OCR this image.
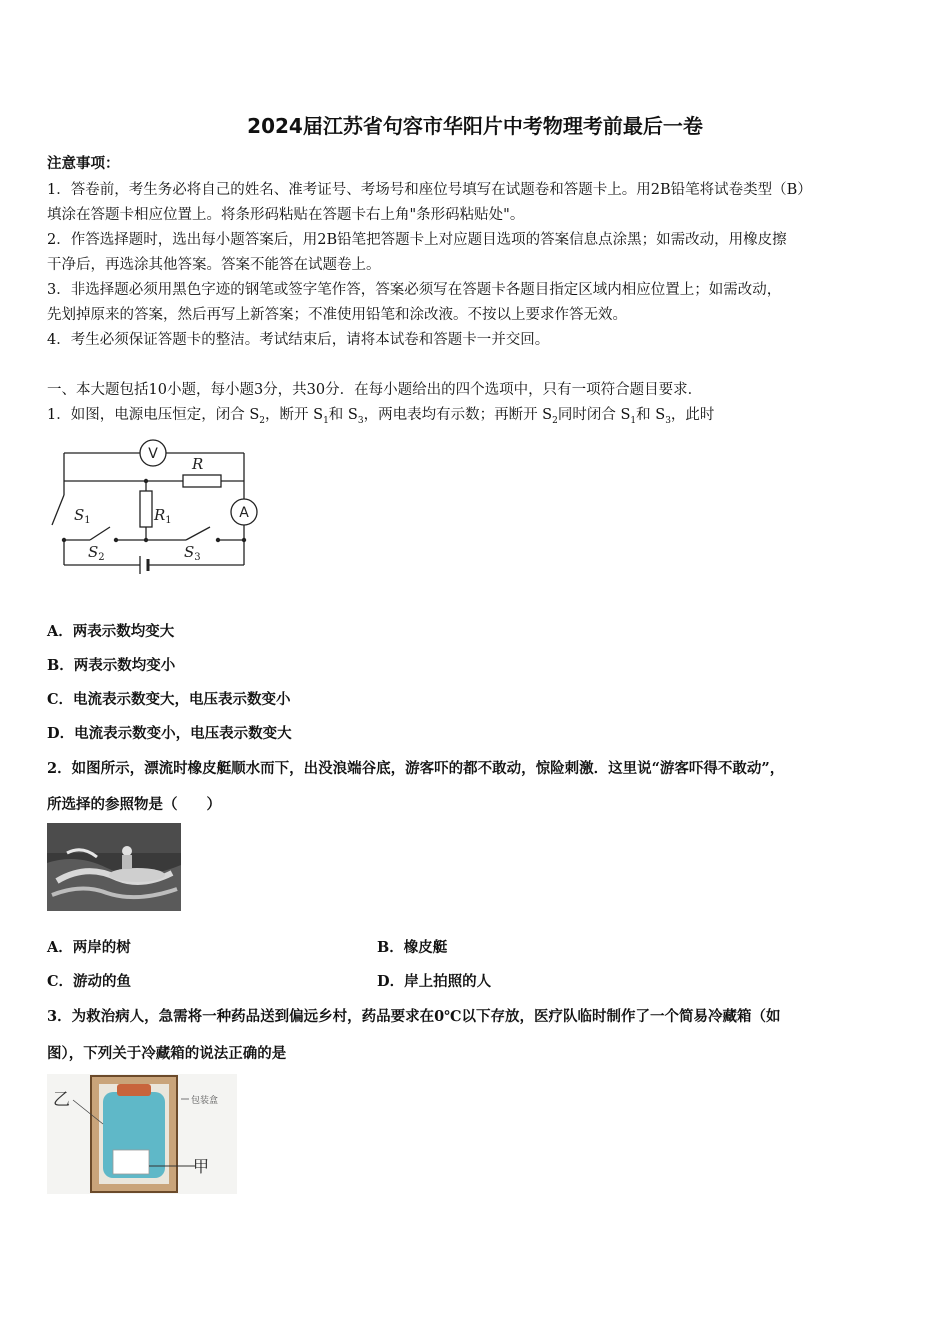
2024届江苏省句容市华阳片中考物理考前最后一卷
注意事项：
1．答卷前，考生务必将自己的姓名、准考证号、考场号和座位号填写在试题卷和答题卡上。用2B铅笔将试卷类型（B）
填涂在答题卡相应位置上。将条形码粘贴在答题卡右上角"条形码粘贴处"。
2．作答选择题时，选出每小题答案后，用2B铅笔把答题卡上对应题目选项的答案信息点涂黑；如需改动，用橡皮擦
干净后，再选涂其他答案。答案不能答在试题卷上。
3．非选择题必须用黑色字迹的钢笔或签字笔作答，答案必须写在答题卡各题目指定区域内相应位置上；如需改动，
先划掉原来的答案，然后再写上新答案；不准使用铅笔和涂改液。不按以上要求作答无效。
4．考生必须保证答题卡的整洁。考试结束后，请将本试卷和答题卡一并交回。
一、本大题包括10小题，每小题3分，共30分．在每小题给出的四个选项中，只有一项符合题目要求．
1．如图，电源电压恒定，闭合 $S_2$，断开 $S_1$和 $S_3$，两电表均有示数；再断开 $S_2$同时闭合 $S_1$和 $S_3$，此时
V
A
R
$R_1$
$S_1$
$S_2$	$S_3$
A．两表示数均变大
B．两表示数均变小
C．电流表示数变大，电压表示数变小
D．电流表示数变小，电压表示数变大
2．如图所示，漂流时橡皮艇顺水而下，出没浪端谷底，游客吓的都不敢动，惊险刺激．这里说“游客吓得不敢动”，
所选择的参照物是（　　）
A．两岸的树	B．橡皮艇
C．游动的鱼	D．岸上拍照的人
3．为救治病人，急需将一种药品送到偏远乡村，药品要求在0℃以下存放，医疗队临时制作了一个简易冷藏箱（如
图），下列关于冷藏箱的说法正确的是
乙
甲
包装盒
